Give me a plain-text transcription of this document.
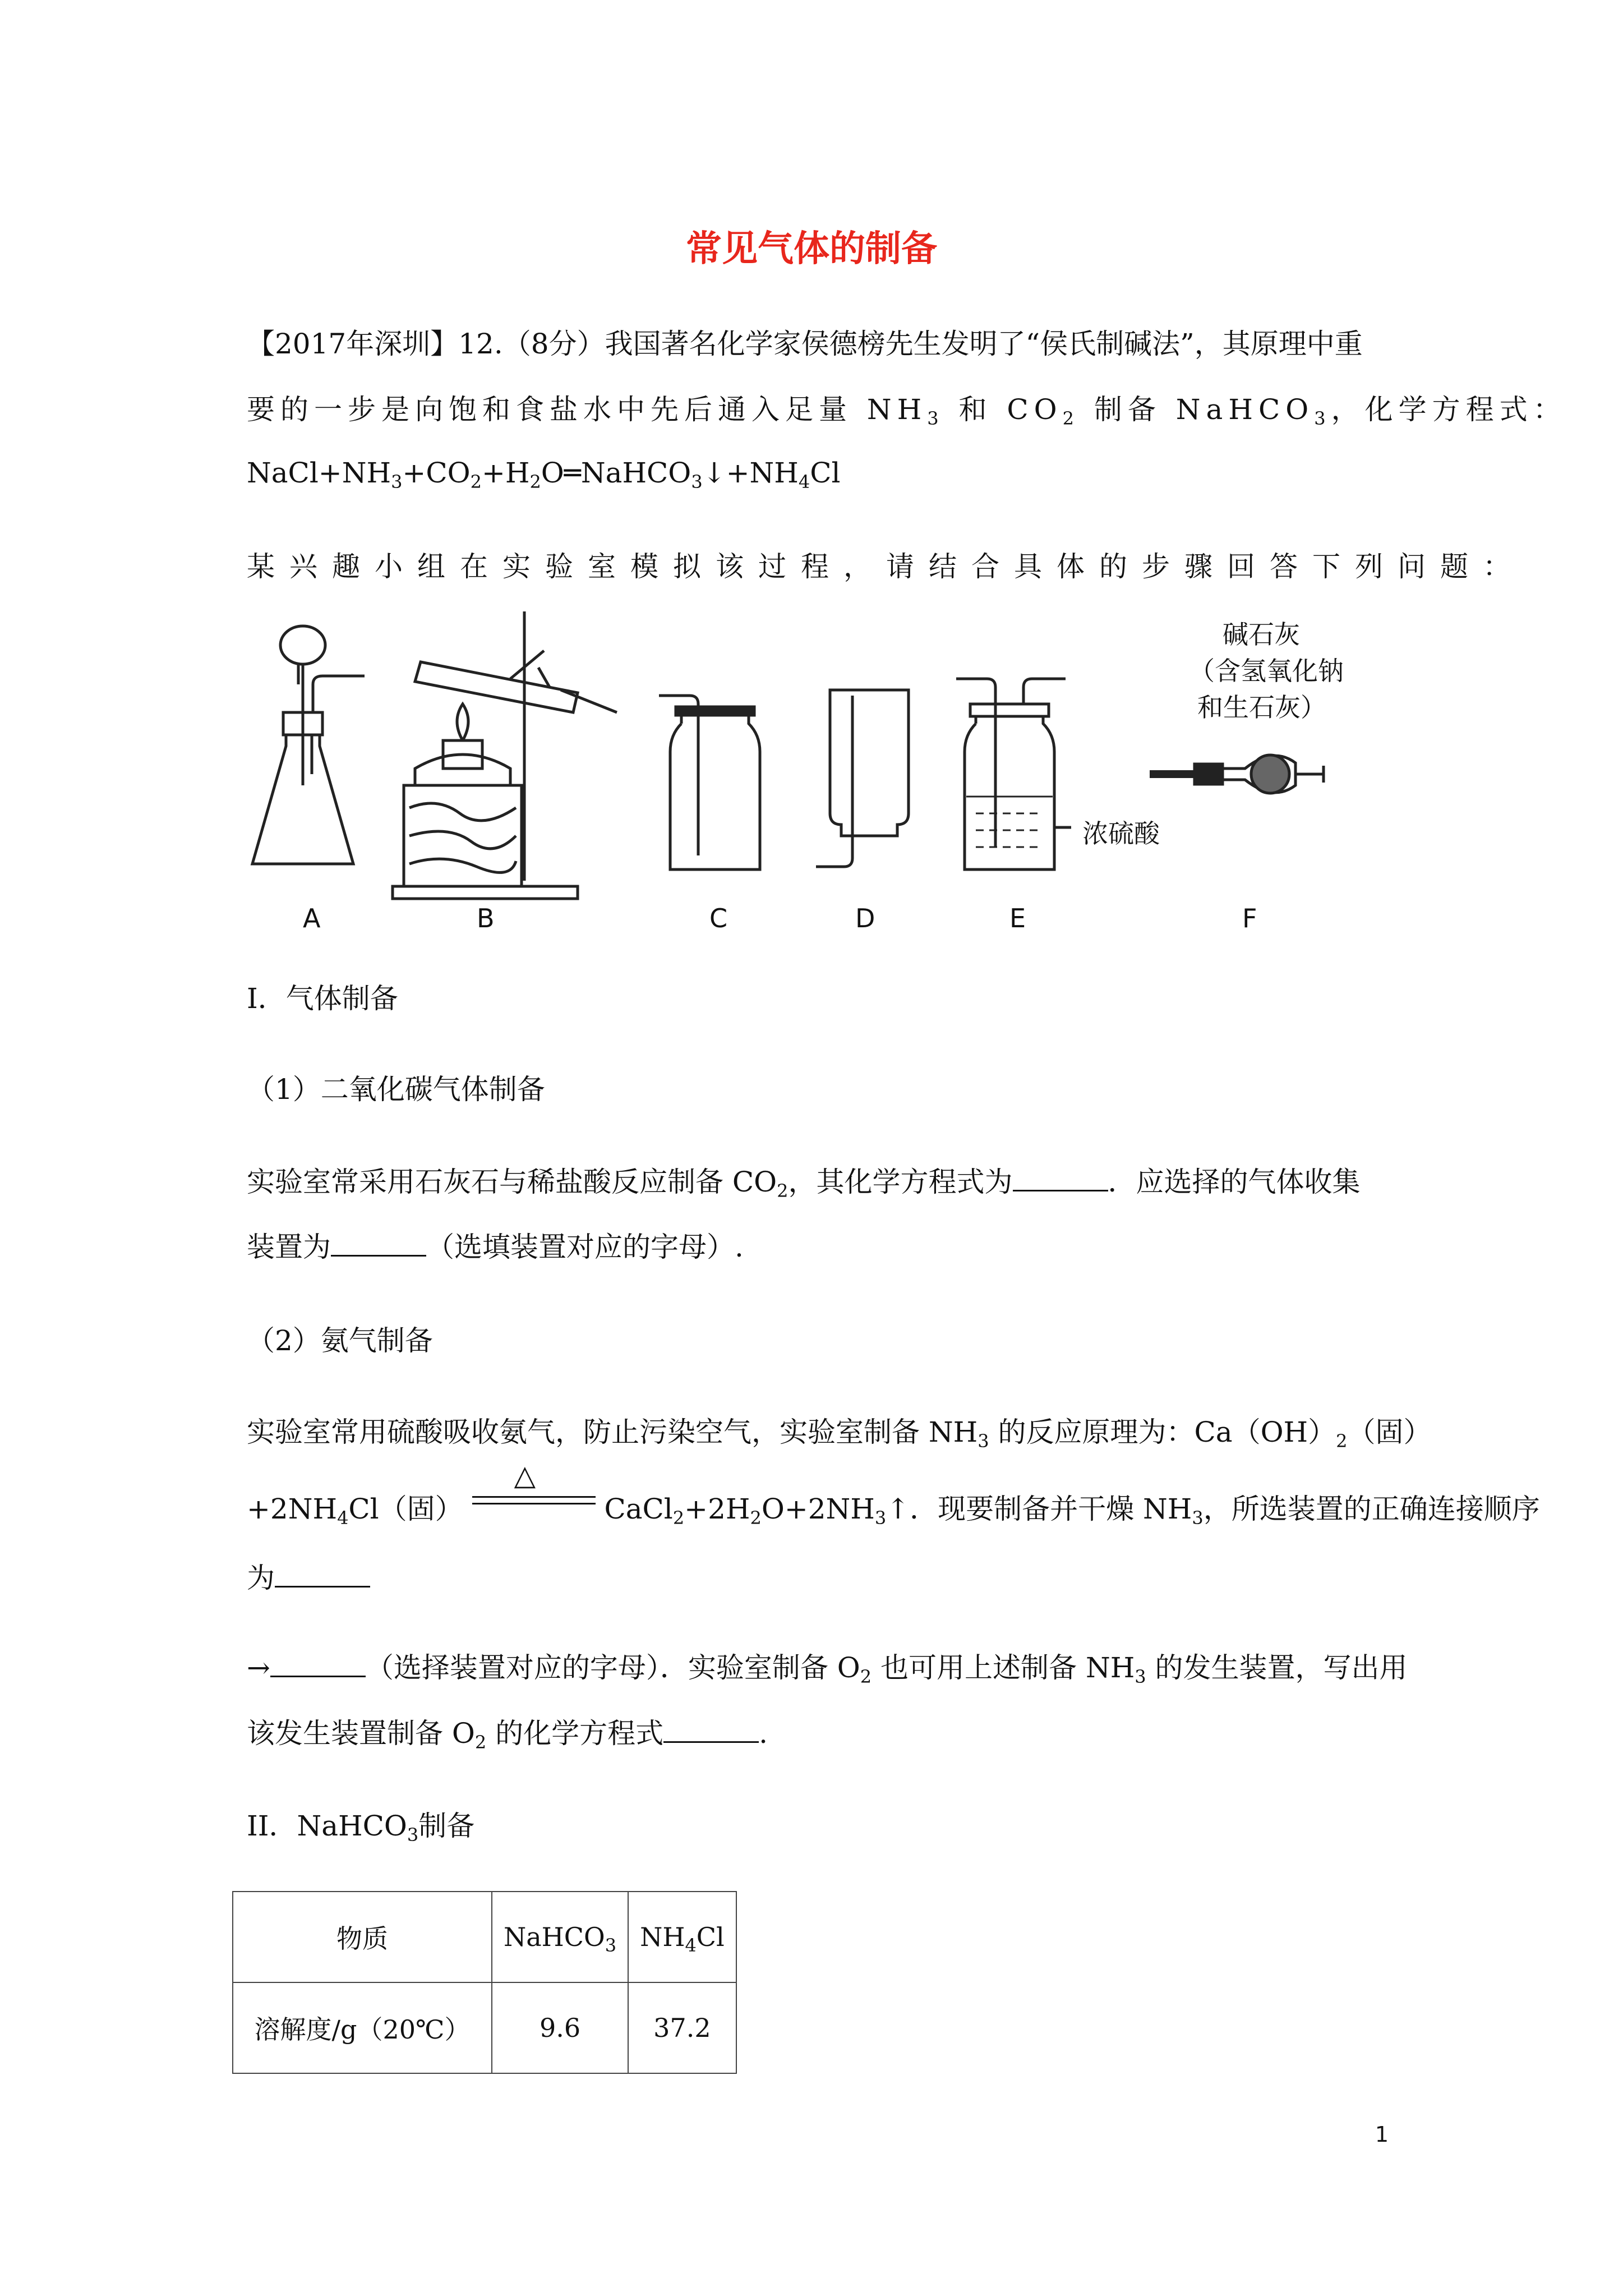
常见气体的制备
【2017年深圳】12.（8分）我国著名化学家侯德榜先生发明了“侯氏制碱法”，其原理中重
要的一步是向饱和食盐水中先后通入足量 $NH_3$ 和 $CO_2$ 制备 NaHCO$_3$，化学方程式：
$NaCl+NH_3+CO_2+H_2O═NaHCO_3↓+NH_4Cl$
某兴趣小组在实验室模拟该过程，请结合具体的步骤回答下列问题：
碱石灰
（含氢氧化钠
和生石灰）
浓硫酸
A	B	C	D	E	F
I．气体制备
（1）二氧化碳气体制备
实验室常采用石灰石与稀盐酸反应制备 $CO_2$，其化学方程式为	．应选择的气体收集
装置为	（选填装置对应的字母）.
（2）氨气制备
实验室常用硫酸吸收氨气，防止污染空气，实验室制备 $NH_3$ 的反应原理为：$Ca(OH)_2$（固）
$+2NH_4Cl$（固）
△
$CaCl_2+2H_2O+2NH_3↑$．现要制备并干燥 $NH_3$，所选装置的正确连接顺序
为
→	（选择装置对应的字母）．实验室制备 $O_2$ 也可用上述制备 $NH_3$ 的发生装置，写出用
该发生装置制备 $O_2$ 的化学方程式	.
II．NaHCO$_3$制备
物质	NaHCO$_3$	$NH_4Cl$
溶解度/g（20℃）	9.6	37.2
1
